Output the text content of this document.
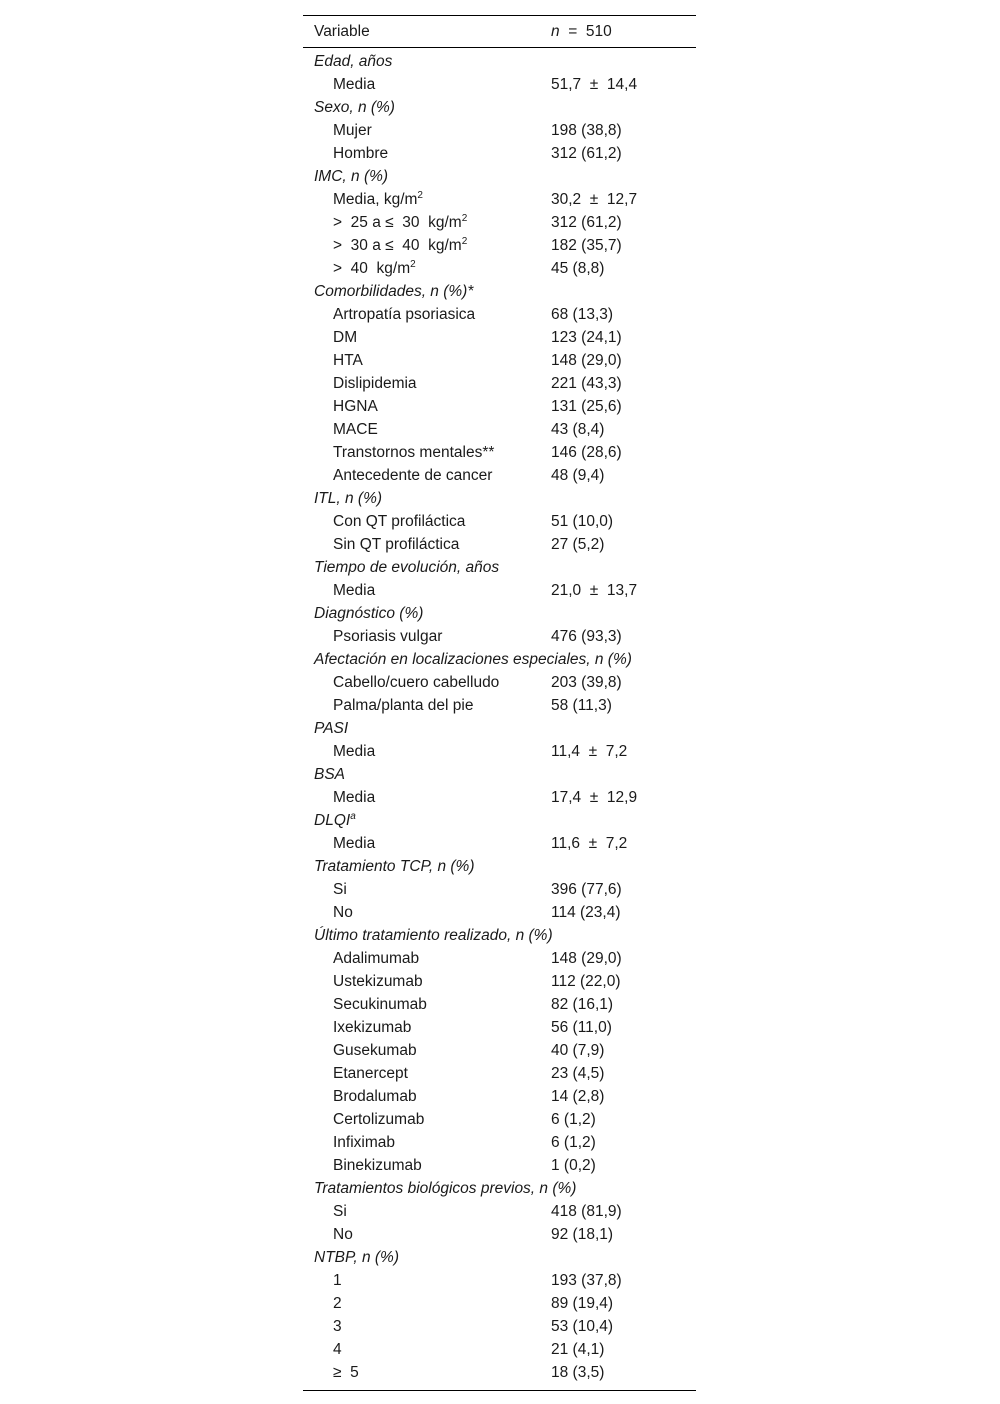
Variable	n  =  510
Edad, años
Media	51,7  ±  14,4
Sexo, n (%)
Mujer	198 (38,8)
Hombre	312 (61,2)
IMC, n (%)
Media, $kg/m^2$	30,2  ±  12,7
>  25 a ≤  30  $kg/m^2$	312 (61,2)
>  30 a ≤  40  $kg/m^2$	182 (35,7)
>  40  $kg/m^2$	45 (8,8)
Comorbilidades, n (%)*
Artropatía psoriasica	68 (13,3)
DM	123 (24,1)
HTA	148 (29,0)
Dislipidemia	221 (43,3)
HGNA	131 (25,6)
MACE	43 (8,4)
Transtornos mentales**	146 (28,6)
Antecedente de cancer	48 (9,4)
ITL, n (%)
Con QT profiláctica	51 (10,0)
Sin QT profiláctica	27 (5,2)
Tiempo de evolución, años
Media	21,0  ±  13,7
Diagnóstico (%)
Psoriasis vulgar	476 (93,3)
Afectación en localizaciones especiales, n (%)
Cabello/cuero cabelludo	203 (39,8)
Palma/planta del pie	58 (11,3)
PASI
Media	11,4  ±  7,2
BSA
Media	17,4  ±  12,9
DLQI$^a$
Media	11,6  ±  7,2
Tratamiento TCP, n (%)
Si	396 (77,6)
No	114 (23,4)
Último tratamiento realizado, n (%)
Adalimumab	148 (29,0)
Ustekizumab	112 (22,0)
Secukinumab	82 (16,1)
Ixekizumab	56 (11,0)
Gusekumab	40 (7,9)
Etanercept	23 (4,5)
Brodalumab	14 (2,8)
Certolizumab	6 (1,2)
Infiximab	6 (1,2)
Binekizumab	1 (0,2)
Tratamientos biológicos previos, n (%)
Si	418 (81,9)
No	92 (18,1)
NTBP, n (%)
1	193 (37,8)
2	89 (19,4)
3	53 (10,4)
4	21 (4,1)
≥  5	18 (3,5)
